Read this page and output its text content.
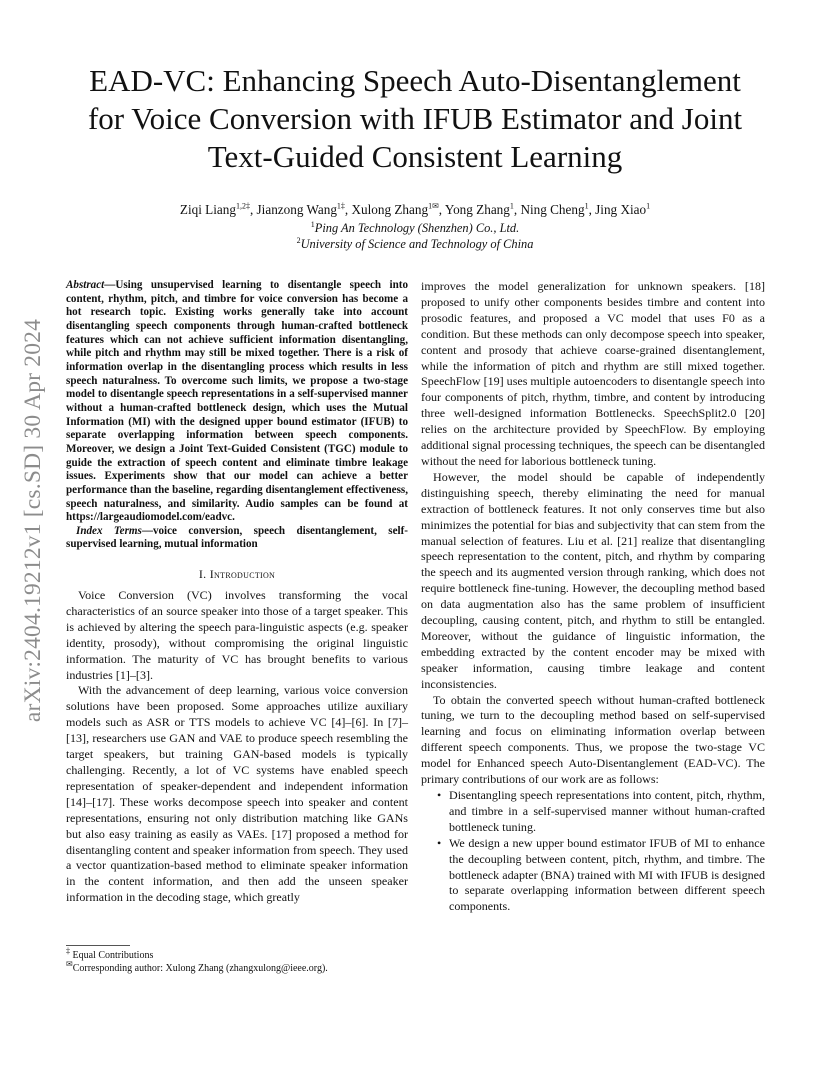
arXiv:2404.19212v1 [cs.SD] 30 Apr 2024
EAD-VC: Enhancing Speech Auto-Disentanglement
for Voice Conversion with IFUB Estimator and Joint
Text-Guided Consistent Learning
Ziqi Liang$^{1,2\ddagger}$, Jianzong Wang$^{1\ddagger}$, Xulong Zhang$^{1✉}$, Yong Zhang$^1$, Ning Cheng$^1$, Jing Xiao$^1$
$^1$Ping An Technology (Shenzhen) Co., Ltd.
$^2$University of Science and Technology of China

Abstract—Using unsupervised learning to disentangle speech into content, rhythm, pitch, and timbre for voice conversion has become a hot research topic. Existing works generally take into account disentangling speech components through human-crafted bottleneck features which can not achieve sufficient information disentangling, while pitch and rhythm may still be mixed together. There is a risk of information overlap in the disentangling process which results in less speech naturalness. To overcome such limits, we propose a two-stage model to disentangle speech representations in a self-supervised manner without a human-crafted bottleneck design, which uses the Mutual Information (MI) with the designed upper bound estimator (IFUB) to separate overlapping information between speech components. Moreover, we design a Joint Text-Guided Consistent (TGC) module to guide the extraction of speech content and eliminate timbre leakage issues. Experiments show that our model can achieve a better performance than the baseline, regarding disentanglement effectiveness, speech naturalness, and similarity. Audio samples can be found at https://largeaudiomodel.com/eadvc.

Index Terms—voice conversion, speech disentanglement, self-supervised learning, mutual information

I. Introduction

Voice Conversion (VC) involves transforming the vocal characteristics of an source speaker into those of a target speaker. This is achieved by altering the speech para-linguistic aspects (e.g. speaker identity, prosody), without compromising the original linguistic information. The maturity of VC has brought benefits to various industries [1]–[3].

With the advancement of deep learning, various voice conversion solutions have been proposed. Some approaches utilize auxiliary models such as ASR or TTS models to achieve VC [4]–[6]. In [7]–[13], researchers use GAN and VAE to produce speech resembling the target speakers, but training GAN-based models is typically challenging. Recently, a lot of VC systems have enabled speech representation of speaker-dependent and independent information [14]–[17]. These works decompose speech into speaker and content representations, ensuring not only distribution matching like GANs but also easy training as easily as VAEs. [17] proposed a method for disentangling content and speaker information from speech. They used a vector quantization-based method to eliminate speaker information in the content information, and then add the unseen speaker information in the decoding stage, which greatly

improves the model generalization for unknown speakers. [18] proposed to unify other components besides timbre and content into prosodic features, and proposed a VC model that uses F0 as a condition. But these methods can only decompose speech into speaker, content and prosody that achieve coarse-grained disentanglement, while the information of pitch and rhythm are still mixed together. SpeechFlow [19] uses multiple autoencoders to disentangle speech into four components of pitch, rhythm, timbre, and content by introducing three well-designed information Bottlenecks. SpeechSplit2.0 [20] relies on the architecture provided by SpeechFlow. By employing additional signal processing techniques, the speech can be disentangled without the need for laborious bottleneck tuning.

However, the model should be capable of independently distinguishing speech, thereby eliminating the need for manual extraction of bottleneck features. It not only conserves time but also minimizes the potential for bias and subjectivity that can stem from the manual selection of features. Liu et al. [21] realize that disentangling speech representation to the content, pitch, and rhythm by comparing the speech and its augmented version through ranking, which does not require bottleneck fine-tuning. However, the decoupling method based on data augmentation also has the same problem of insufficient decoupling, causing content, pitch, and rhythm to still be entangled. Moreover, without the guidance of linguistic information, the embedding extracted by the content encoder may be mixed with speaker information, causing timbre leakage and content inconsistencies.

To obtain the converted speech without human-crafted bottleneck tuning, we turn to the decoupling method based on self-supervised learning and focus on eliminating information overlap between different speech components. Thus, we propose the two-stage VC model for Enhanced speech Auto-Disentanglement (EAD-VC). The primary contributions of our work are as follows:

• Disentangling speech representations into content, pitch, rhythm, and timbre in a self-supervised manner without human-crafted bottleneck tuning.
• We design a new upper bound estimator IFUB of MI to enhance the decoupling between content, pitch, rhythm, and timbre. The bottleneck adapter (BNA) trained with MI with IFUB is designed to separate overlapping information between different speech components.
‡ Equal Contributions
✉Corresponding author: Xulong Zhang (zhangxulong@ieee.org).
